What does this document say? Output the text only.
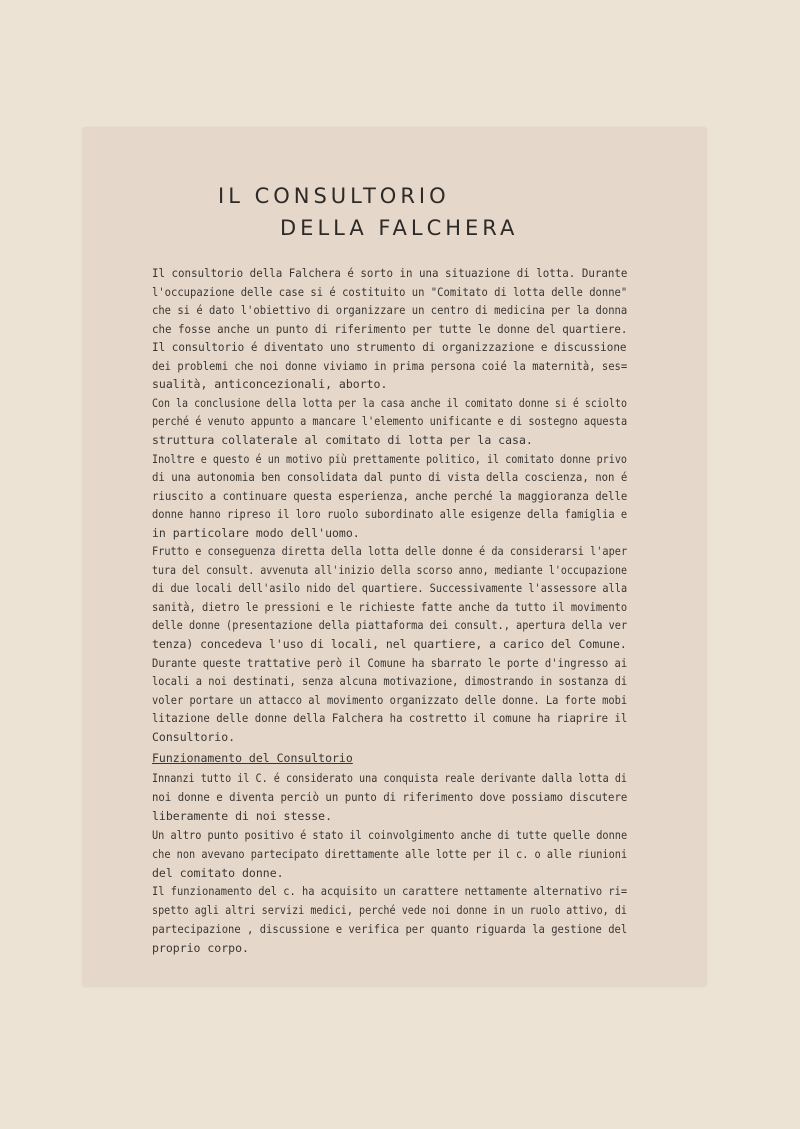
IL CONSULTORIO
DELLA FALCHERA
Il consultorio della Falchera é sorto in una situazione di lotta. Durante
l'occupazione delle case si é costituito un "Comitato di lotta delle donne"
che si é dato l'obiettivo di organizzare un centro di medicina per la donna
che fosse anche un punto di riferimento per tutte le donne del quartiere.
Il consultorio é diventato uno strumento di organizzazione e discussione
dei problemi che noi donne viviamo in prima persona coié la maternità, ses=
sualità, anticoncezionali, aborto.
Con la conclusione della lotta per la casa anche il comitato donne si é sciolto
perché é venuto appunto a mancare l'elemento unificante e di sostegno aquesta
struttura collaterale al comitato di lotta per la casa.
Inoltre e questo é un motivo più prettamente politico, il comitato donne privo
di una autonomia ben consolidata dal punto di vista della coscienza, non é
riuscito a continuare questa esperienza, anche perché la maggioranza delle
donne hanno ripreso il loro ruolo subordinato alle esigenze della famiglia e
in particolare modo dell'uomo.
Frutto e conseguenza diretta della lotta delle donne é da considerarsi l'aper
tura del consult. avvenuta all'inizio della scorso anno, mediante l'occupazione
di due locali dell'asilo nido del quartiere. Successivamente l'assessore alla
sanità, dietro le pressioni e le richieste fatte anche da tutto il movimento
delle donne (presentazione della piattaforma dei consult., apertura della ver
tenza) concedeva l'uso di locali, nel quartiere, a carico del Comune.
Durante queste trattative però il Comune ha sbarrato le porte d'ingresso ai
locali a noi destinati, senza alcuna motivazione, dimostrando in sostanza di
voler portare un attacco al movimento organizzato delle donne. La forte mobi
litazione delle donne della Falchera ha costretto il comune ha riaprire il
Consultorio.
Funzionamento del Consultorio
Innanzi tutto il C. é considerato una conquista reale derivante dalla lotta di
noi donne e diventa perciò un punto di riferimento dove possiamo discutere
liberamente di noi stesse.
Un altro punto positivo é stato il coinvolgimento anche di tutte quelle donne
che non avevano partecipato direttamente alle lotte per il c. o alle riunioni
del comitato donne.
Il funzionamento del c. ha acquisito un carattere nettamente alternativo ri=
spetto agli altri servizi medici, perché vede noi donne in un ruolo attivo, di
partecipazione , discussione e verifica per quanto riguarda la gestione del
proprio corpo.
